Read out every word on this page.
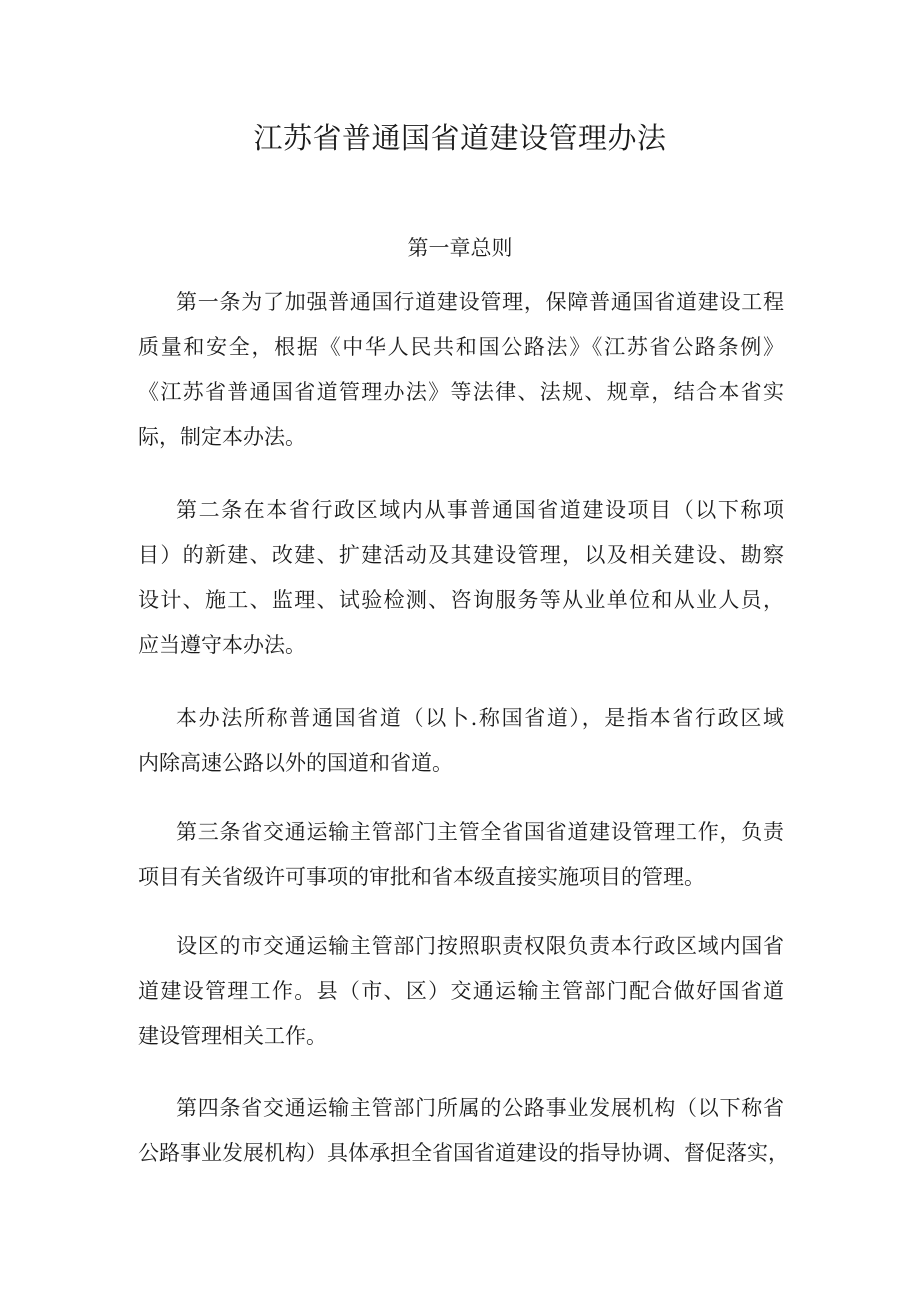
江苏省普通国省道建设管理办法
第一章总则

第一条为了加强普通国行道建设管理，保障普通国省道建设工程
质量和安全，根据《中华人民共和国公路法》《江苏省公路条例》
《江苏省普通国省道管理办法》等法律、法规、规章，结合本省实
际，制定本办法。

第二条在本省行政区域内从事普通国省道建设项目（以下称项
目）的新建、改建、扩建活动及其建设管理，以及相关建设、勘察
设计、施工、监理、试验检测、咨询服务等从业单位和从业人员，
应当遵守本办法。

本办法所称普通国省道（以卜.称国省道），是指本省行政区域
内除高速公路以外的国道和省道。

第三条省交通运输主管部门主管全省国省道建设管理工作，负责
项目有关省级许可事项的审批和省本级直接实施项目的管理。

设区的市交通运输主管部门按照职责权限负责本行政区域内国省
道建设管理工作。县（市、区）交通运输主管部门配合做好国省道
建设管理相关工作。

第四条省交通运输主管部门所属的公路事业发展机构（以下称省
公路事业发展机构）具体承担全省国省道建设的指导协调、督促落实，
